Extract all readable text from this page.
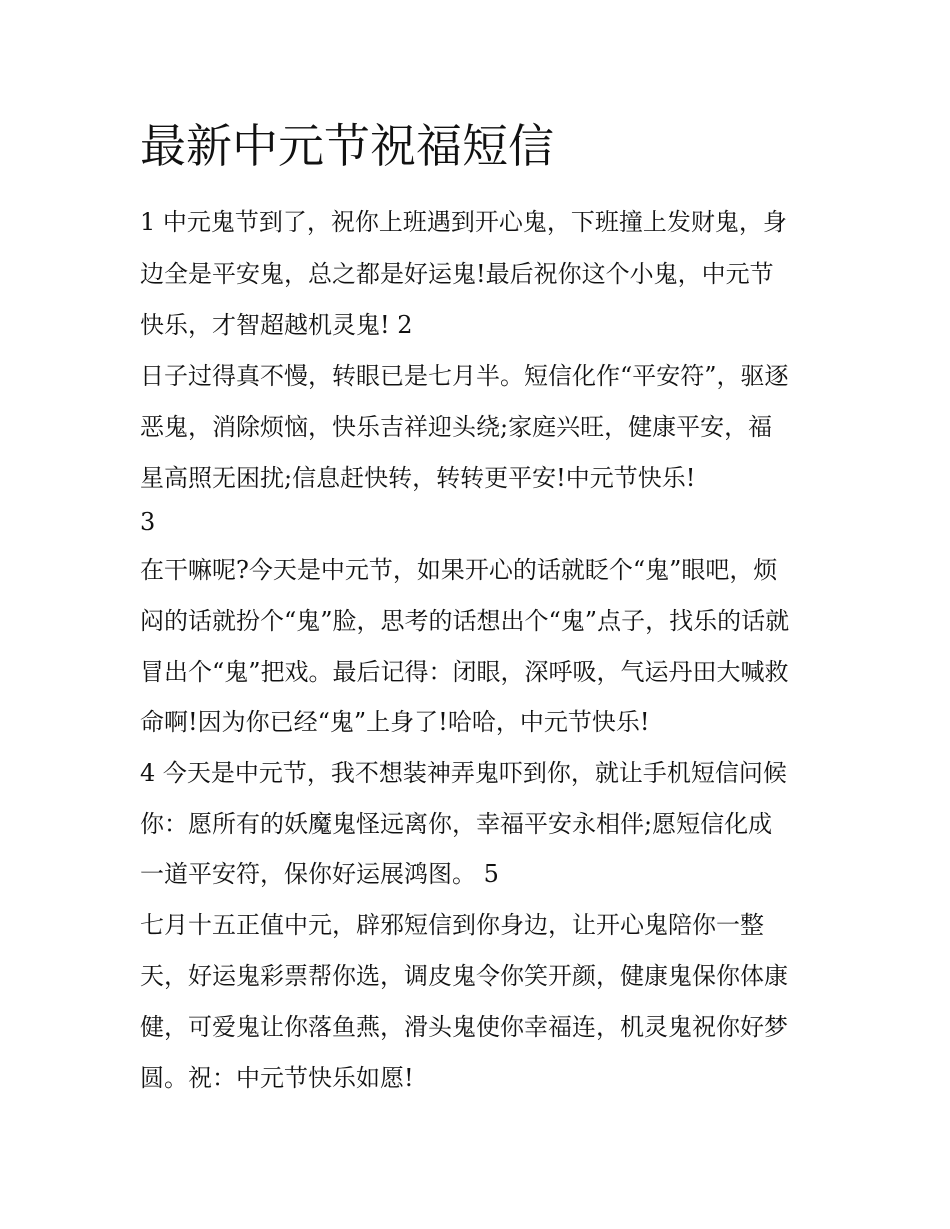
最新中元节祝福短信

1 中元鬼节到了，祝你上班遇到开心鬼，下班撞上发财鬼，身

边全是平安鬼，总之都是好运鬼!最后祝你这个小鬼，中元节

快乐，才智超越机灵鬼! 2

日子过得真不慢，转眼已是七月半。短信化作“平安符”，驱逐

恶鬼，消除烦恼，快乐吉祥迎头绕;家庭兴旺，健康平安，福

星高照无困扰;信息赶快转，转转更平安!中元节快乐!

3

在干嘛呢?今天是中元节，如果开心的话就眨个“鬼”眼吧，烦

闷的话就扮个“鬼”脸，思考的话想出个“鬼”点子，找乐的话就

冒出个“鬼”把戏。最后记得：闭眼，深呼吸，气运丹田大喊救

命啊!因为你已经“鬼”上身了!哈哈，中元节快乐!

4 今天是中元节，我不想装神弄鬼吓到你，就让手机短信问候

你：愿所有的妖魔鬼怪远离你，幸福平安永相伴;愿短信化成

一道平安符，保你好运展鸿图。 5

七月十五正值中元，辟邪短信到你身边，让开心鬼陪你一整

天，好运鬼彩票帮你选，调皮鬼令你笑开颜，健康鬼保你体康

健，可爱鬼让你落鱼燕，滑头鬼使你幸福连，机灵鬼祝你好梦

圆。祝：中元节快乐如愿!
